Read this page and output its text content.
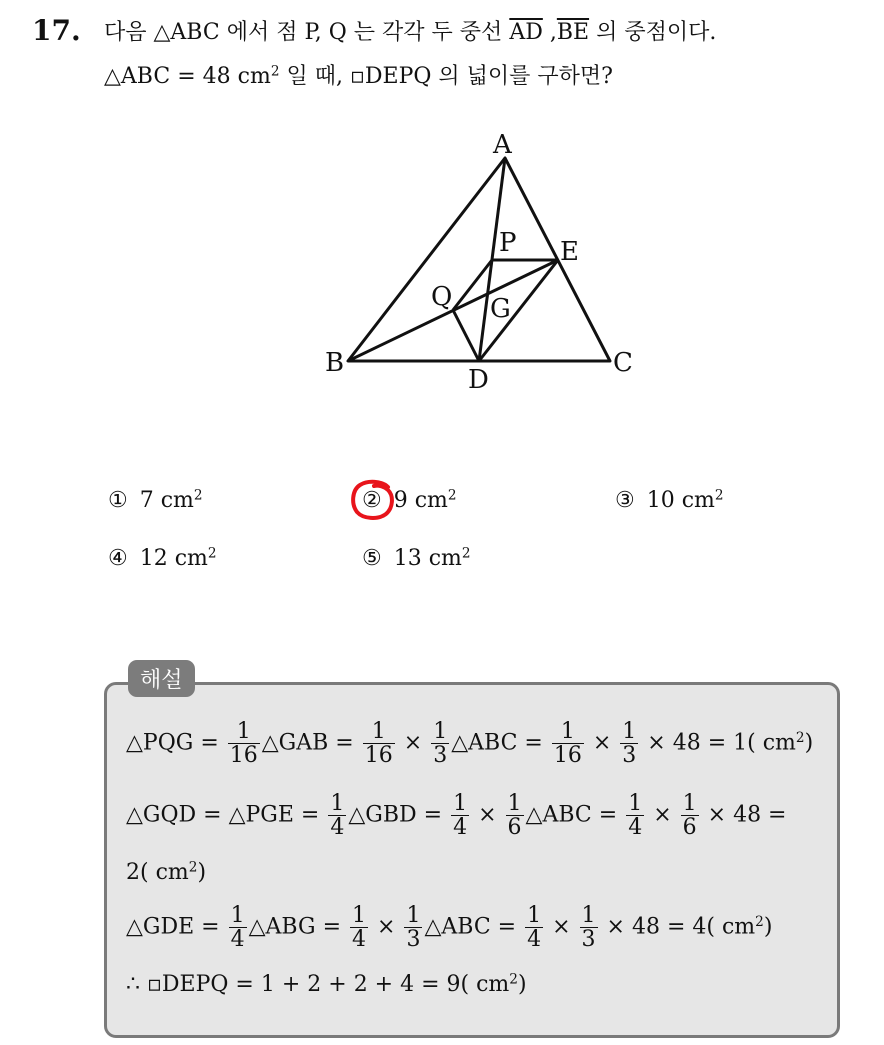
17. 다음 △ABC 에서 점 P, Q 는 각각 두 중선 $\overline{AD}$ $,\overline{BE}$ 의 중점이다.
△ABC = 48 $cm^2$ 일 때, ▫DEPQ 의 넓이를 구하면?
A
B	C
D
E
P
Q G
① 7 $cm^2$	② 9 $cm^2$	③ 10 $cm^2$
④ 12 $cm^2$	⑤ 13 $cm^2$
해설
△PQG = $\frac{1}{16}$ △GAB = $\frac{1}{16} \times \frac{1}{3}$ △ABC = $\frac{1}{16} \times \frac{1}{3} \times 48 = 1$( $cm^2$)
△GQD = △PGE = $\frac{1}{4}$ △GBD = $\frac{1}{4} \times \frac{1}{6}$ △ABC = $\frac{1}{4} \times \frac{1}{6} \times 48$ =
2( $cm^2$)
△GDE = $\frac{1}{4}$ △ABG = $\frac{1}{4} \times \frac{1}{3}$ △ABC = $\frac{1}{4} \times \frac{1}{3} \times 48 = 4$( $cm^2$)
∴ ▫DEPQ = 1 + 2 + 2 + 4 = 9( $cm^2$)
